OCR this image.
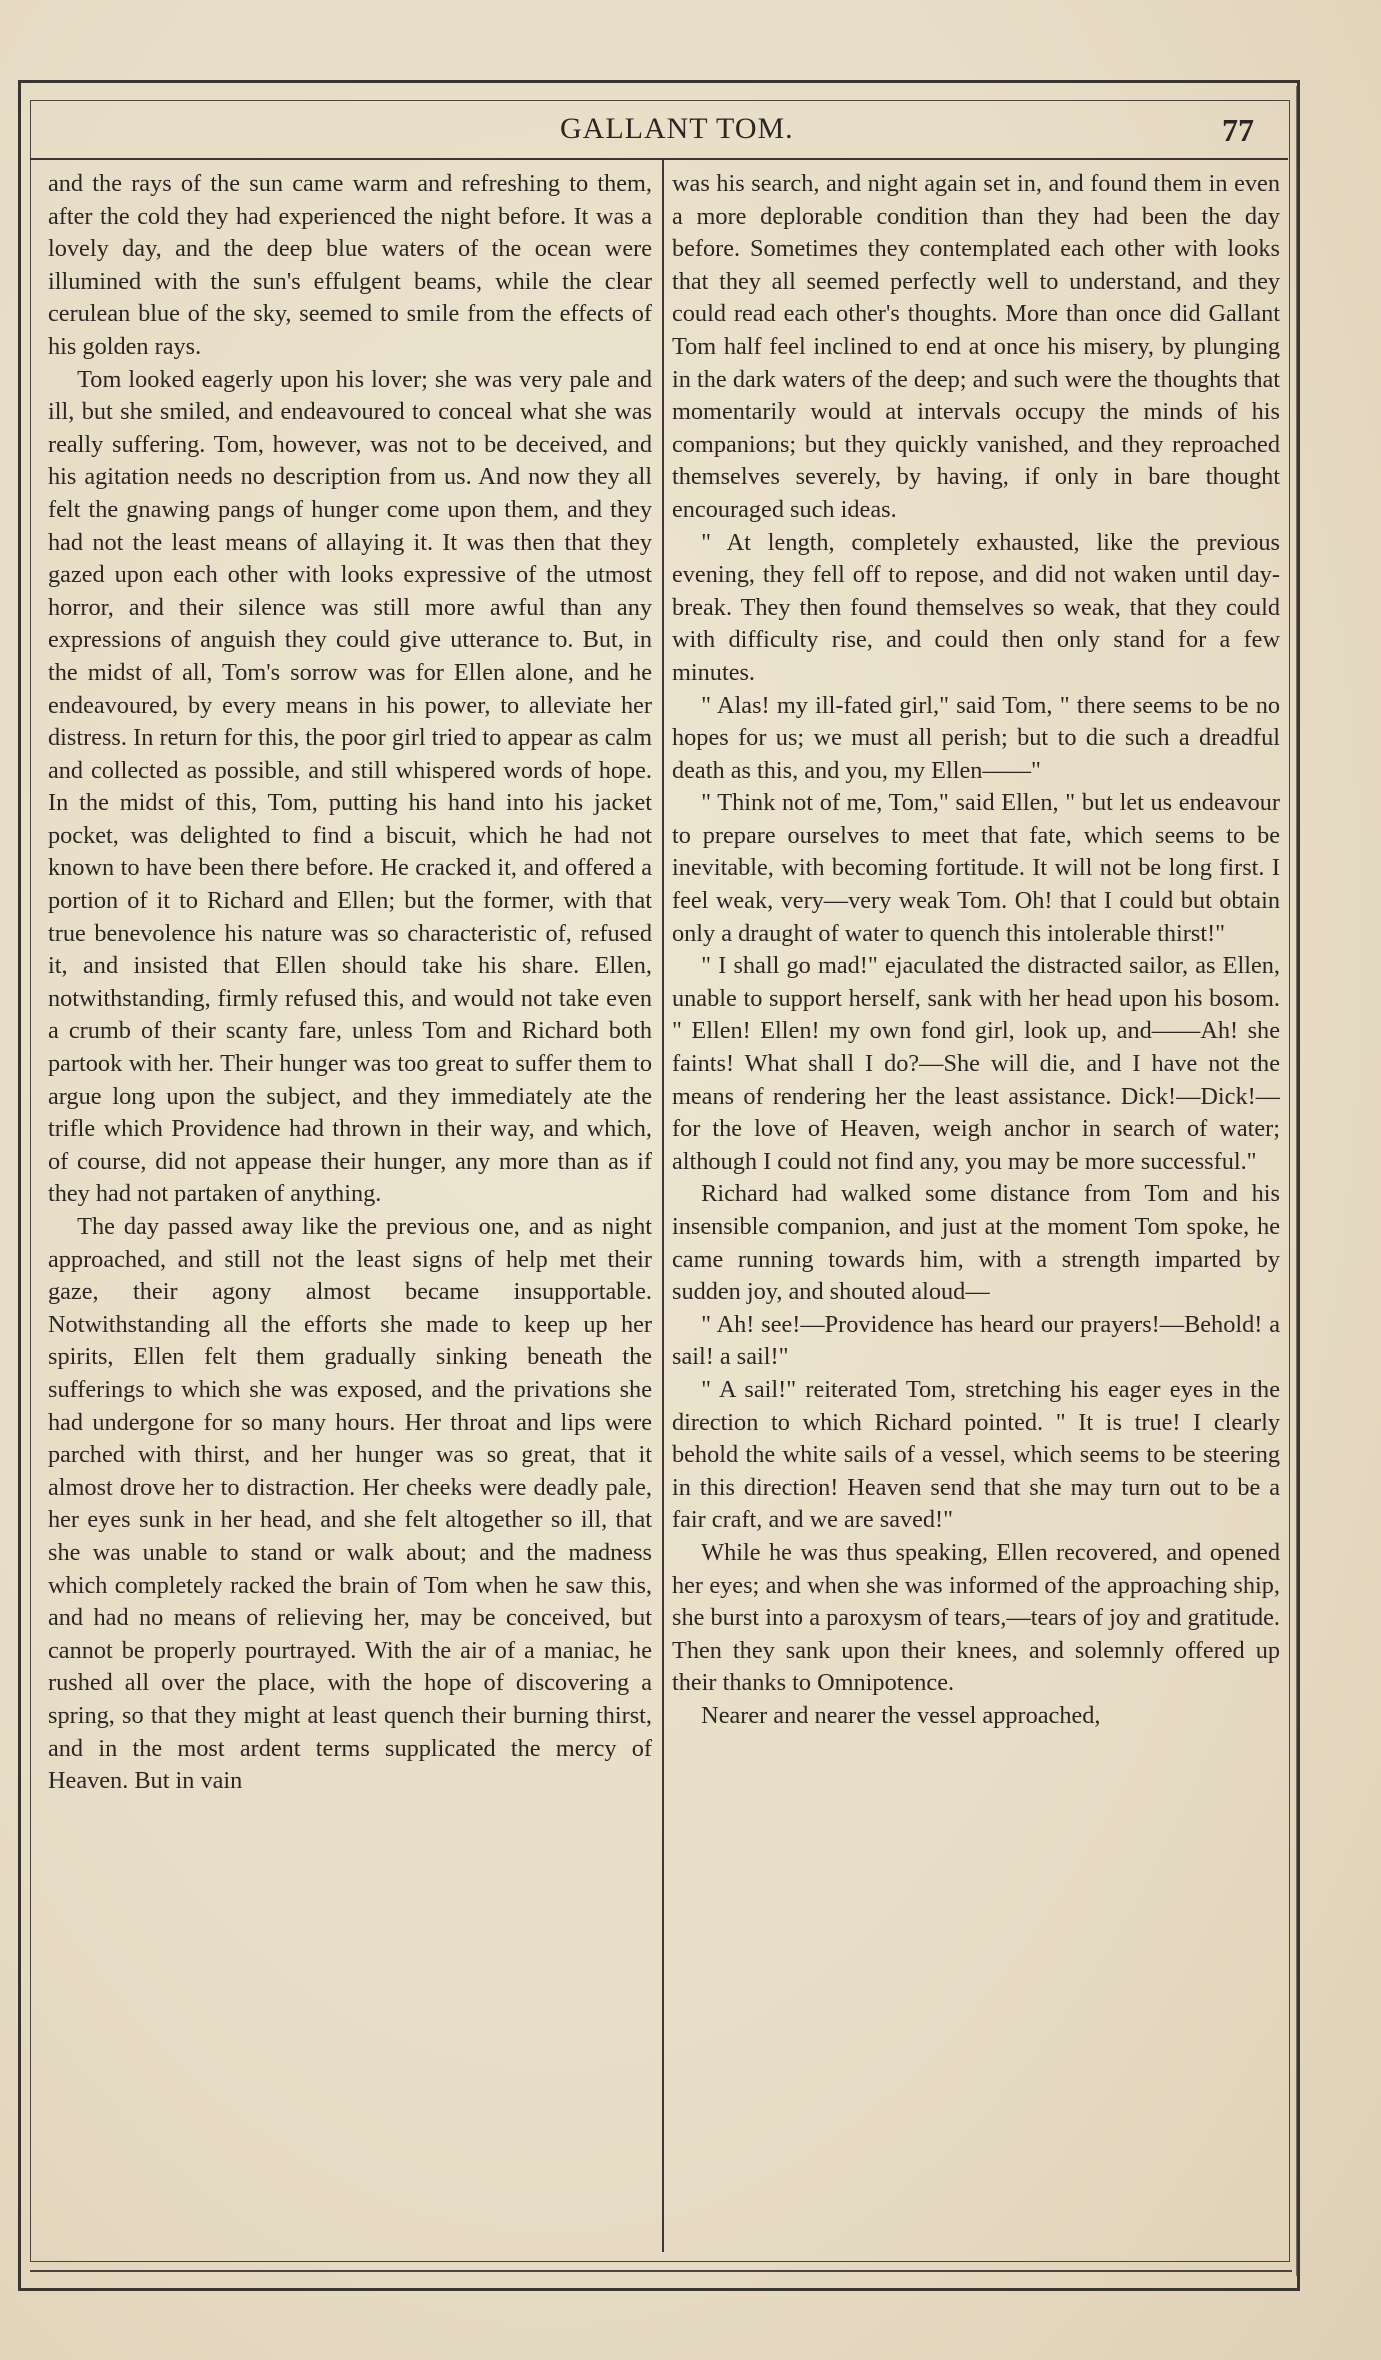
GALLANT TOM.	77

and the rays of the sun came warm and refreshing to them, after the cold they had experienced the night before. It was a lovely day, and the deep blue waters of the ocean were illumined with the sun's effulgent beams, while the clear cerulean blue of the sky, seemed to smile from the effects of his golden rays.

Tom looked eagerly upon his lover; she was very pale and ill, but she smiled, and endeavoured to conceal what she was really suffering. Tom, however, was not to be deceived, and his agitation needs no description from us. And now they all felt the gnawing pangs of hunger come upon them, and they had not the least means of allaying it. It was then that they gazed upon each other with looks expressive of the utmost horror, and their silence was still more awful than any expressions of anguish they could give utterance to. But, in the midst of all, Tom's sorrow was for Ellen alone, and he endeavoured, by every means in his power, to alleviate her distress. In return for this, the poor girl tried to appear as calm and collected as possible, and still whispered words of hope. In the midst of this, Tom, putting his hand into his jacket pocket, was delighted to find a biscuit, which he had not known to have been there before. He cracked it, and offered a portion of it to Richard and Ellen; but the former, with that true benevolence his nature was so characteristic of, refused it, and insisted that Ellen should take his share. Ellen, notwithstanding, firmly refused this, and would not take even a crumb of their scanty fare, unless Tom and Richard both partook with her. Their hunger was too great to suffer them to argue long upon the subject, and they immediately ate the trifle which Providence had thrown in their way, and which, of course, did not appease their hunger, any more than as if they had not partaken of anything.

The day passed away like the previous one, and as night approached, and still not the least signs of help met their gaze, their agony almost became insupportable. Notwithstanding all the efforts she made to keep up her spirits, Ellen felt them gradually sinking beneath the sufferings to which she was exposed, and the privations she had undergone for so many hours. Her throat and lips were parched with thirst, and her hunger was so great, that it almost drove her to distraction. Her cheeks were deadly pale, her eyes sunk in her head, and she felt altogether so ill, that she was unable to stand or walk about; and the madness which completely racked the brain of Tom when he saw this, and had no means of relieving her, may be conceived, but cannot be properly pourtrayed. With the air of a maniac, he rushed all over the place, with the hope of discovering a spring, so that they might at least quench their burning thirst, and in the most ardent terms supplicated the mercy of Heaven. But in vain

was his search, and night again set in, and found them in even a more deplorable condition than they had been the day before. Sometimes they contemplated each other with looks that they all seemed perfectly well to understand, and they could read each other's thoughts. More than once did Gallant Tom half feel inclined to end at once his misery, by plunging in the dark waters of the deep; and such were the thoughts that momentarily would at intervals occupy the minds of his companions; but they quickly vanished, and they reproached themselves severely, by having, if only in bare thought encouraged such ideas.

" At length, completely exhausted, like the previous evening, they fell off to repose, and did not waken until day-break. They then found themselves so weak, that they could with difficulty rise, and could then only stand for a few minutes.

" Alas! my ill-fated girl," said Tom, " there seems to be no hopes for us; we must all perish; but to die such a dreadful death as this, and you, my Ellen——"

" Think not of me, Tom," said Ellen, " but let us endeavour to prepare ourselves to meet that fate, which seems to be inevitable, with becoming fortitude. It will not be long first. I feel weak, very—very weak Tom. Oh! that I could but obtain only a draught of water to quench this intolerable thirst!"

" I shall go mad!" ejaculated the distracted sailor, as Ellen, unable to support herself, sank with her head upon his bosom. " Ellen! Ellen! my own fond girl, look up, and——Ah! she faints! What shall I do?—She will die, and I have not the means of rendering her the least assistance. Dick!—Dick!—for the love of Heaven, weigh anchor in search of water; although I could not find any, you may be more successful."

Richard had walked some distance from Tom and his insensible companion, and just at the moment Tom spoke, he came running towards him, with a strength imparted by sudden joy, and shouted aloud—

" Ah! see!—Providence has heard our prayers!—Behold! a sail! a sail!"

" A sail!" reiterated Tom, stretching his eager eyes in the direction to which Richard pointed. " It is true! I clearly behold the white sails of a vessel, which seems to be steering in this direction! Heaven send that she may turn out to be a fair craft, and we are saved!"

While he was thus speaking, Ellen recovered, and opened her eyes; and when she was informed of the approaching ship, she burst into a paroxysm of tears,—tears of joy and gratitude. Then they sank upon their knees, and solemnly offered up their thanks to Omnipotence.

Nearer and nearer the vessel approached,
